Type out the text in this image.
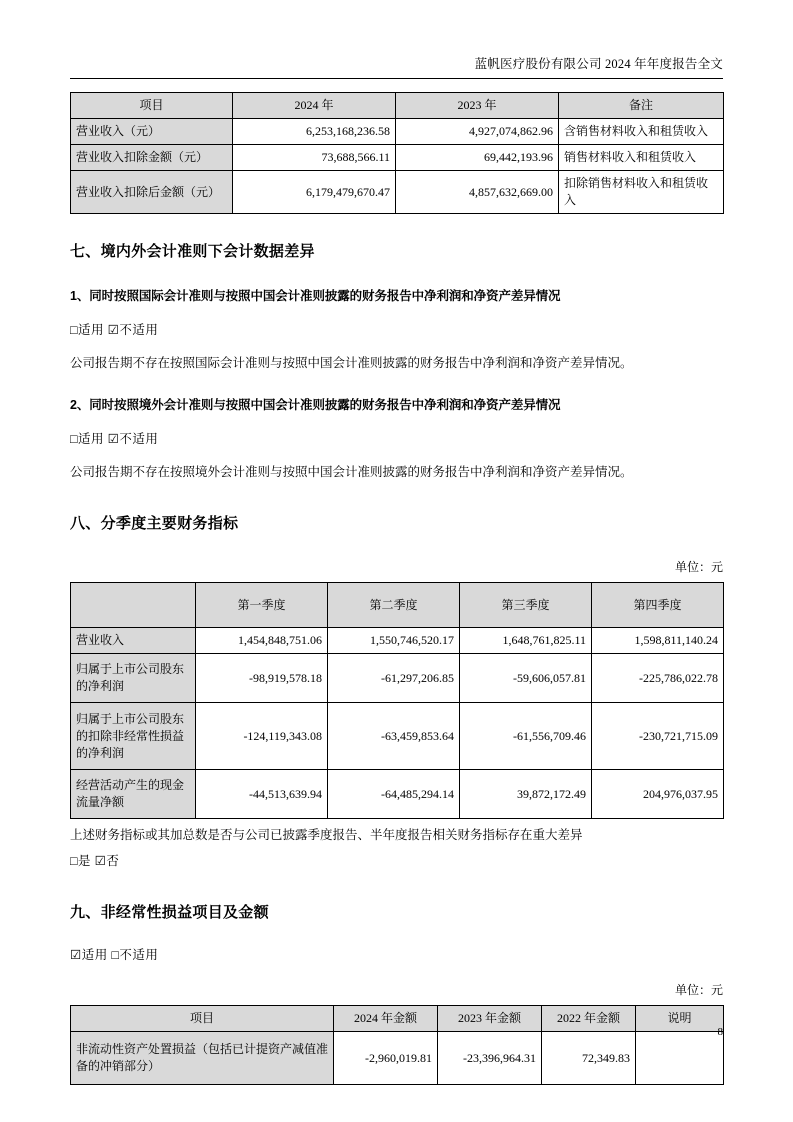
蓝帆医疗股份有限公司 2024 年年度报告全文
项目	2024 年	2023 年	备注
营业收入（元）	6,253,168,236.58	4,927,074,862.96	含销售材料收入和租赁收入
营业收入扣除金额（元）	73,688,566.11	69,442,193.96	销售材料收入和租赁收入
营业收入扣除后金额（元）	6,179,479,670.47	4,857,632,669.00	扣除销售材料收入和租赁收入
七、境内外会计准则下会计数据差异
1、同时按照国际会计准则与按照中国会计准则披露的财务报告中净利润和净资产差异情况

□适用 ☑不适用

公司报告期不存在按照国际会计准则与按照中国会计准则披露的财务报告中净利润和净资产差异情况。

2、同时按照境外会计准则与按照中国会计准则披露的财务报告中净利润和净资产差异情况

□适用 ☑不适用

公司报告期不存在按照境外会计准则与按照中国会计准则披露的财务报告中净利润和净资产差异情况。

八、分季度主要财务指标
单位：元
	第一季度	第二季度	第三季度	第四季度
营业收入	1,454,848,751.06	1,550,746,520.17	1,648,761,825.11	1,598,811,140.24
归属于上市公司股东的净利润	-98,919,578.18	-61,297,206.85	-59,606,057.81	-225,786,022.78
归属于上市公司股东的扣除非经常性损益的净利润	-124,119,343.08	-63,459,853.64	-61,556,709.46	-230,721,715.09
经营活动产生的现金流量净额	-44,513,639.94	-64,485,294.14	39,872,172.49	204,976,037.95

上述财务指标或其加总数是否与公司已披露季度报告、半年度报告相关财务指标存在重大差异

□是 ☑否

九、非经常性损益项目及金额

☑适用 □不适用

单位：元
项目	2024 年金额	2023 年金额	2022 年金额	说明
非流动性资产处置损益（包括已计提资产减值准备的冲销部分）	-2,960,019.81	-23,396,964.31	72,349.83	
8
